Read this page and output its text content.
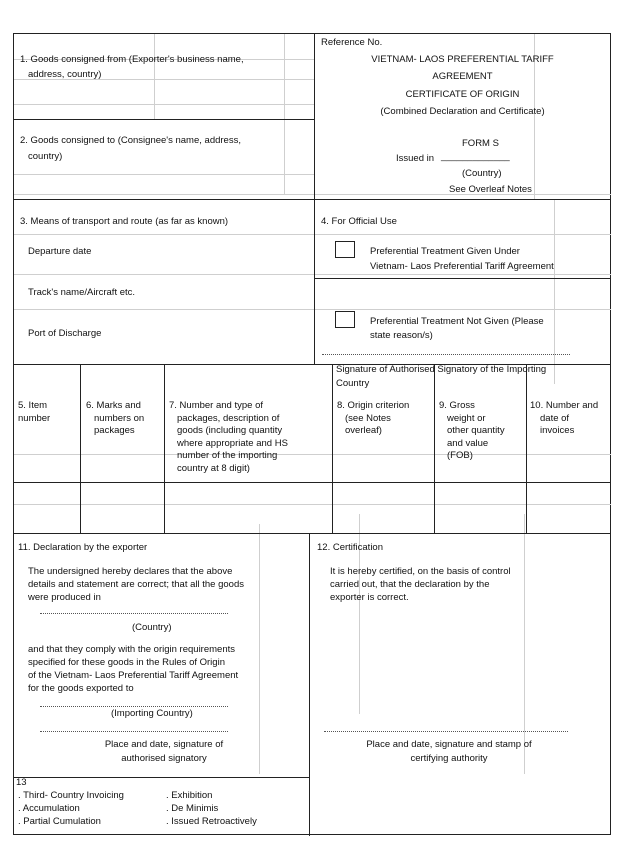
1. Goods consigned from (Exporter's business name,
address, country)
Reference No.
VIETNAM- LAOS PREFERENTIAL TARIFF
AGREEMENT
CERTIFICATE OF ORIGIN
(Combined Declaration and Certificate)
FORM S
Issued in _____________
(Country)
See Overleaf Notes
2. Goods consigned to (Consignee's name, address,
country)
3. Means of transport and route (as far as known)
Departure date
Track's name/Aircraft etc.
Port of Discharge
4. For Official Use
Preferential Treatment Given Under
Vietnam- Laos Preferential Tariff Agreement
Preferential Treatment Not Given (Please
state reason/s)
Signature of Authorised Signatory of the Importing
Country
5. Item
number
6. Marks and
numbers on
packages
7. Number and type of
packages, description of
goods (including quantity
where appropriate and HS
number of the importing
country at 8 digit)
8. Origin criterion
(see Notes
overleaf)
9. Gross
weight or
other quantity
and value
(FOB)
10. Number and
date of
invoices
11. Declaration by the exporter
The undersigned hereby declares that the above
details and statement are correct; that all the goods
were produced in
(Country)
and that they comply with the origin requirements
specified for these goods in the Rules of Origin
of the Vietnam- Laos Preferential Tariff Agreement
for the goods exported to
(Importing Country)
Place and date, signature of
authorised signatory
12. Certification
It is hereby certified, on the basis of control
carried out, that the declaration by the
exporter is correct.
Place and date, signature and stamp of
certifying authority
13
. Third- Country Invoicing
. Accumulation
. Partial Cumulation
. Exhibition
. De Minimis
. Issued Retroactively
